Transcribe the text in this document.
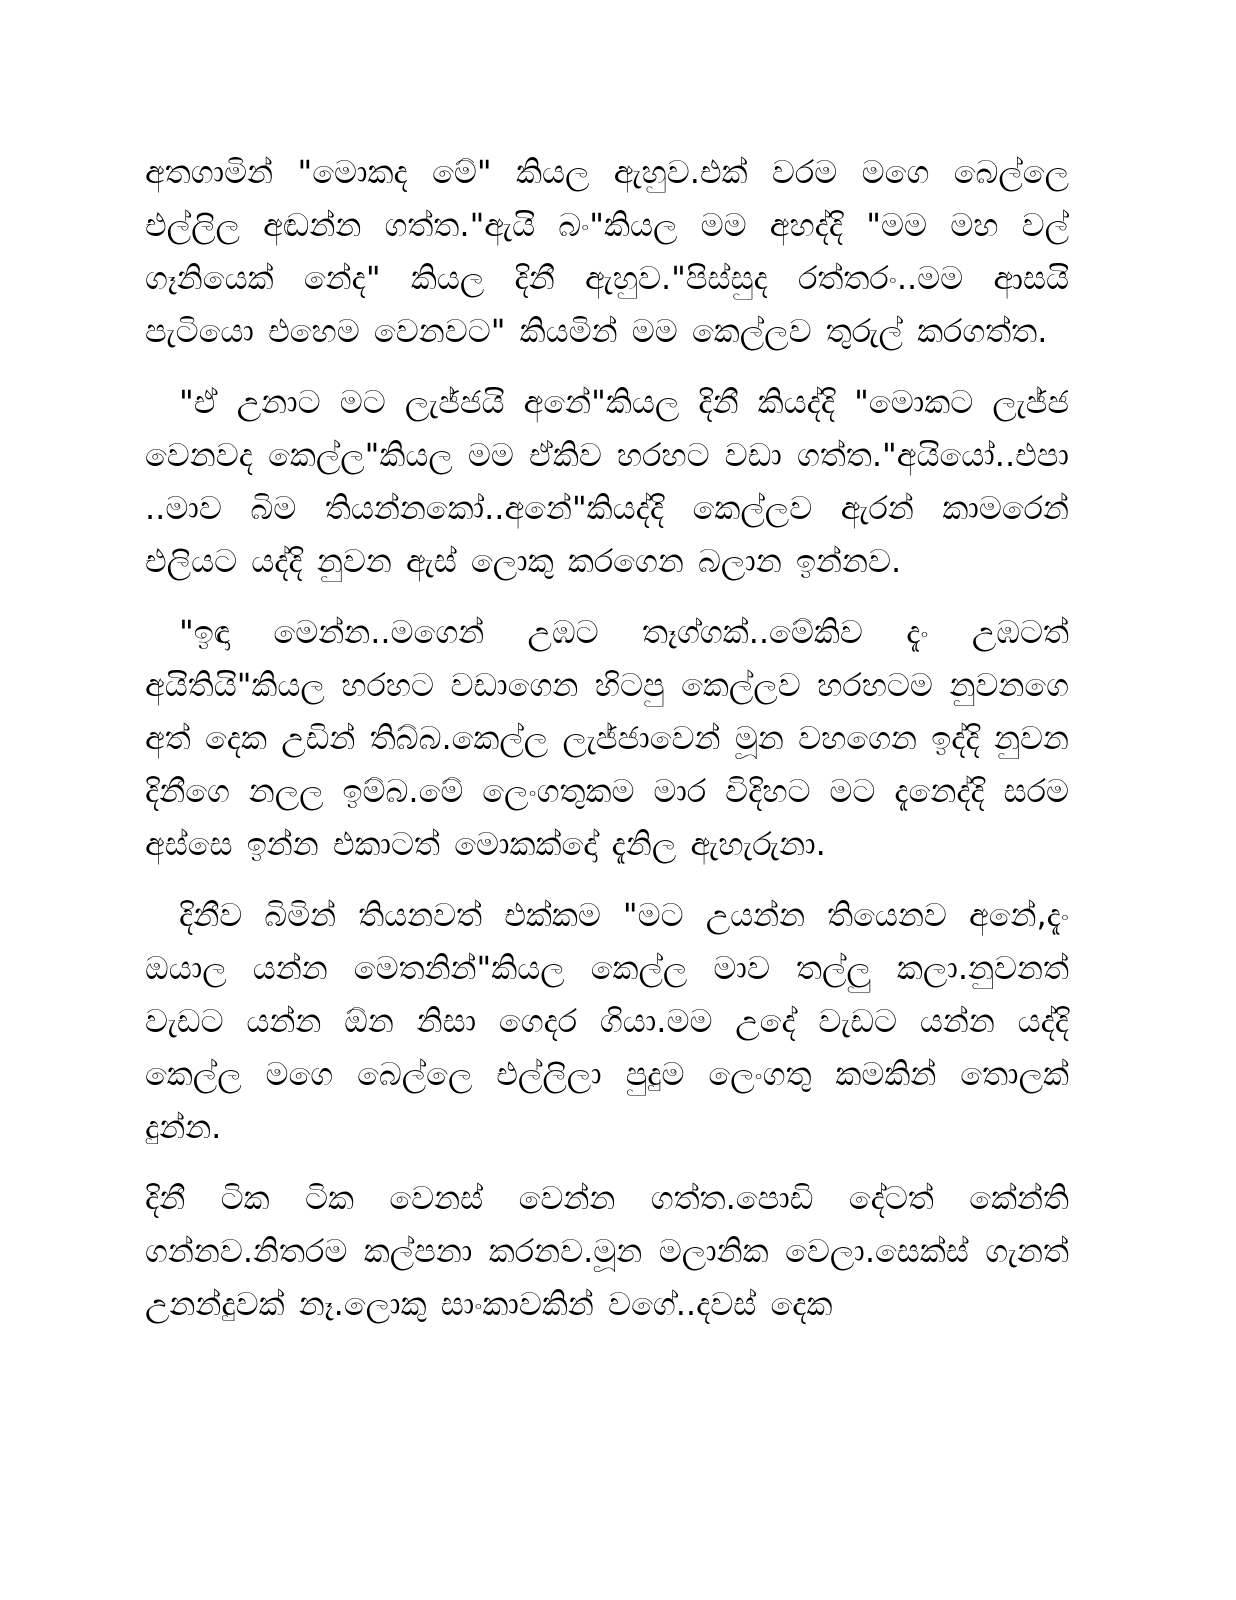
අතගාමින් "මොකද මේ" කියල ඇහුව.එක් වරම මගෙ බෙල්ලෙ එල්ලිල අඬන්න ගත්ත."ඇයි බං"කියල මම අහද්දි "මම මහ වල් ගෑනියෙක් නේද" කියල දිනී ඇහුව."පිස්සුද රත්තරං..මම ආසයි පැටියො එහෙම වෙනවට" කියමින් මම කෙල්ලව තුරුල් කරගත්ත.

"ඒ උනාට මට ලැජ්ජයි අනේ"කියල දිනී කියද්දි "මොකට ලැජ්ජ වෙනවද කෙල්ල"කියල මම ඒකිව හරහට වඩා ගත්ත."අයියෝ..එපා ..මාව බිම තියන්නකෝ..අනේ"කියද්දි කෙල්ලව ඇරන් කාමරෙන් එලියට යද්දි නුවන ඇස් ලොකු කරගෙන බලාන ඉන්නව.

"ඉඳා මෙන්න..මගෙන් උඹට තෑග්ගක්..මේකිව දැං උඹටත් අයිතියි"කියල හරහට වඩාගෙන හිටපු කෙල්ලව හරහටම නුවනගෙ අත් දෙක උඩින් තිබ්බ.කෙල්ල ලැජ්ජාවෙන් මූන වහගෙන ඉද්දි නුවන දිනීගෙ නලල ඉම්බ.මේ ලෙංගතුකම මාර විදිහට මට දැනෙද්දි සරම අස්සෙ ඉන්න එකාටත් මොකක්දෝ දැනිල ඇහැරුනා.

දිනීව බිමින් තියනවත් එක්කම "මට උයන්න තියෙනව අනේ,දැං ඔයාල යන්න මෙතනින්"කියල කෙල්ල මාව තල්ලු කලා.නුවනත් වැඩට යන්න ඕන නිසා ගෙදර ගියා.මම උදේ වැඩට යන්න යද්දි කෙල්ල මගෙ බෙල්ලෙ එල්ලිලා පුදුම ලෙංගතු කමකින් තොලක් දුන්න.

දිනී ටික ටික වෙනස් වෙන්න ගත්ත.පොඩි දේටත් කේන්ති ගන්නව.නිතරම කල්පනා කරනව.මූන මලානික වෙලා.සෙක්ස් ගැනත් උනන්දුවක් නෑ.ලොකු සාංකාවකින් වගේ..දවස් දෙක
